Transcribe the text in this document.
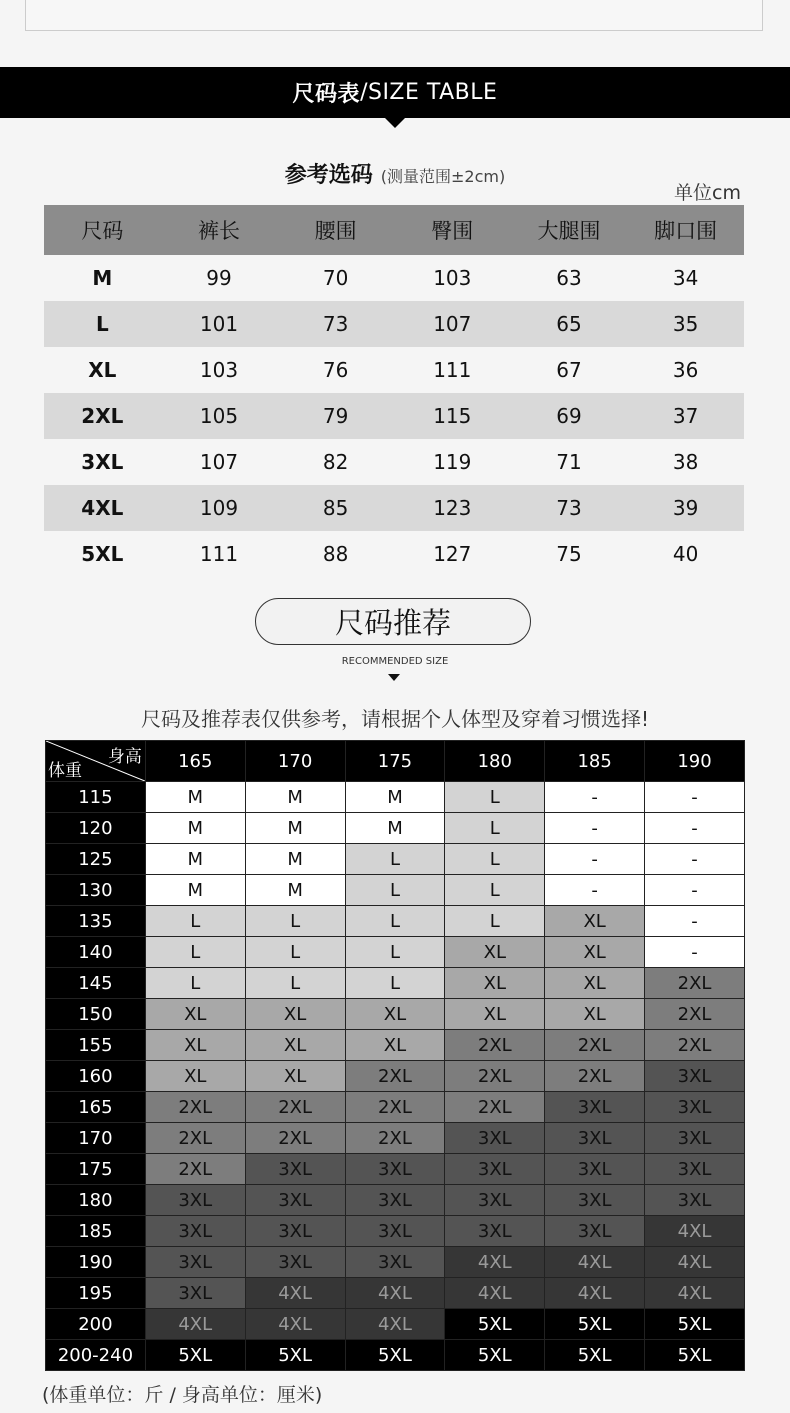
尺码表 /SIZE TABLE
参考选码 (测量范围±2cm)
单位cm
尺码	裤长	腰围	臀围	大腿围	脚口围
M	99	70	103	63	34
L	101	73	107	65	35
XL	103	76	111	67	36
2XL	105	79	115	69	37
3XL	107	82	119	71	38
4XL	109	85	123	73	39
5XL	111	88	127	75	40
尺码推荐
RECOMMENDED SIZE
尺码及推荐表仅供参考，请根据个人体型及穿着习惯选择!
身高
体重	165	170	175	180	185	190
115	M	M	M	L	-	-
120	M	M	M	L	-	-
125	M	M	L	L	-	-
130	M	M	L	L	-	-
135	L	L	L	L	XL	-
140	L	L	L	XL	XL	-
145	L	L	L	XL	XL	2XL
150	XL	XL	XL	XL	XL	2XL
155	XL	XL	XL	2XL	2XL	2XL
160	XL	XL	2XL	2XL	2XL	3XL
165	2XL	2XL	2XL	2XL	3XL	3XL
170	2XL	2XL	2XL	3XL	3XL	3XL
175	2XL	3XL	3XL	3XL	3XL	3XL
180	3XL	3XL	3XL	3XL	3XL	3XL
185	3XL	3XL	3XL	3XL	3XL	4XL
190	3XL	3XL	3XL	4XL	4XL	4XL
195	3XL	4XL	4XL	4XL	4XL	4XL
200	4XL	4XL	4XL	5XL	5XL	5XL
200-240	5XL	5XL	5XL	5XL	5XL	5XL
(体重单位：斤 / 身高单位：厘米)
